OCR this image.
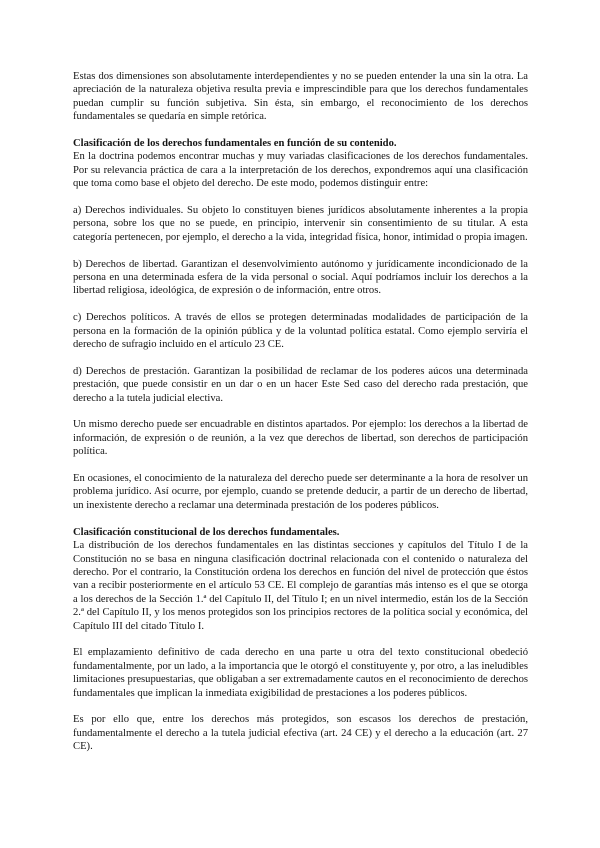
Estas dos dimensiones son absolutamente interdependientes y no se pueden entender la una sin la otra. La apreciación de la naturaleza objetiva resulta previa e imprescindible para que los derechos fundamentales puedan cumplir su función subjetiva. Sin ésta, sin embargo, el reconocimiento de los derechos fundamentales se quedaría en simple retórica.

Clasificación de los derechos fundamentales en función de su contenido.

En la doctrina podemos encontrar muchas y muy variadas clasificaciones de los derechos fundamentales. Por su relevancia práctica de cara a la interpretación de los derechos, expondremos aquí una clasificación que toma como base el objeto del derecho. De este modo, podemos distinguir entre:

a) Derechos individuales. Su objeto lo constituyen bienes jurídicos absolutamente inherentes a la propia persona, sobre los que no se puede, en principio, intervenir sin consentimiento de su titular. A esta categoría pertenecen, por ejemplo, el derecho a la vida, integridad física, honor, intimidad o propia imagen.

b) Derechos de libertad. Garantizan el desenvolvimiento autónomo y jurídicamente incondicionado de la persona en una determinada esfera de la vida personal o social. Aquí podríamos incluir los derechos a la libertad religiosa, ideológica, de expresión o de información, entre otros.

c) Derechos políticos. A través de ellos se protegen determinadas modalidades de participación de la persona en la formación de la opinión pública y de la voluntad política estatal. Como ejemplo serviría el derecho de sufragio incluido en el artículo 23 CE.

d) Derechos de prestación. Garantizan la posibilidad de reclamar de los poderes aúcos una determinada prestación, que puede consistir en un dar o en un hacer Este Sed caso del derecho rada prestación, que derecho a la tutela judicial electiva.

Un mismo derecho puede ser encuadrable en distintos apartados. Por ejemplo: los derechos a la libertad de información, de expresión o de reunión, a la vez que derechos de libertad, son derechos de participación política.

En ocasiones, el conocimiento de la naturaleza del derecho puede ser determinante a la hora de resolver un problema jurídico. Así ocurre, por ejemplo, cuando se pretende deducir, a partir de un derecho de libertad, un inexistente derecho a reclamar una determinada prestación de los poderes públicos.

Clasificación constitucional de los derechos fundamentales.

La distribución de los derechos fundamentales en las distintas secciones y capítulos del Título I de la Constitución no se basa en ninguna clasificación doctrinal relacionada con el contenido o naturaleza del derecho. Por el contrario, la Constitución ordena los derechos en función del nivel de protección que éstos van a recibir posteriormente en el artículo 53 CE. El complejo de garantías más intenso es el que se otorga a los derechos de la Sección 1.ª del Capítulo II, del Título I; en un nivel intermedio, están los de la Sección 2.ª del Capítulo II, y los menos protegidos son los principios rectores de la política social y económica, del Capítulo III del citado Título I.

El emplazamiento definitivo de cada derecho en una parte u otra del texto constitucional obedeció fundamentalmente, por un lado, a la importancia que le otorgó el constituyente y, por otro, a las ineludibles limitaciones presupuestarias, que obligaban a ser extremadamente cautos en el reconocimiento de derechos fundamentales que implican la inmediata exigibilidad de prestaciones a los poderes públicos.

Es por ello que, entre los derechos más protegidos, son escasos los derechos de prestación, fundamentalmente el derecho a la tutela judicial efectiva (art. 24 CE) y el derecho a la educación (art. 27 CE).
